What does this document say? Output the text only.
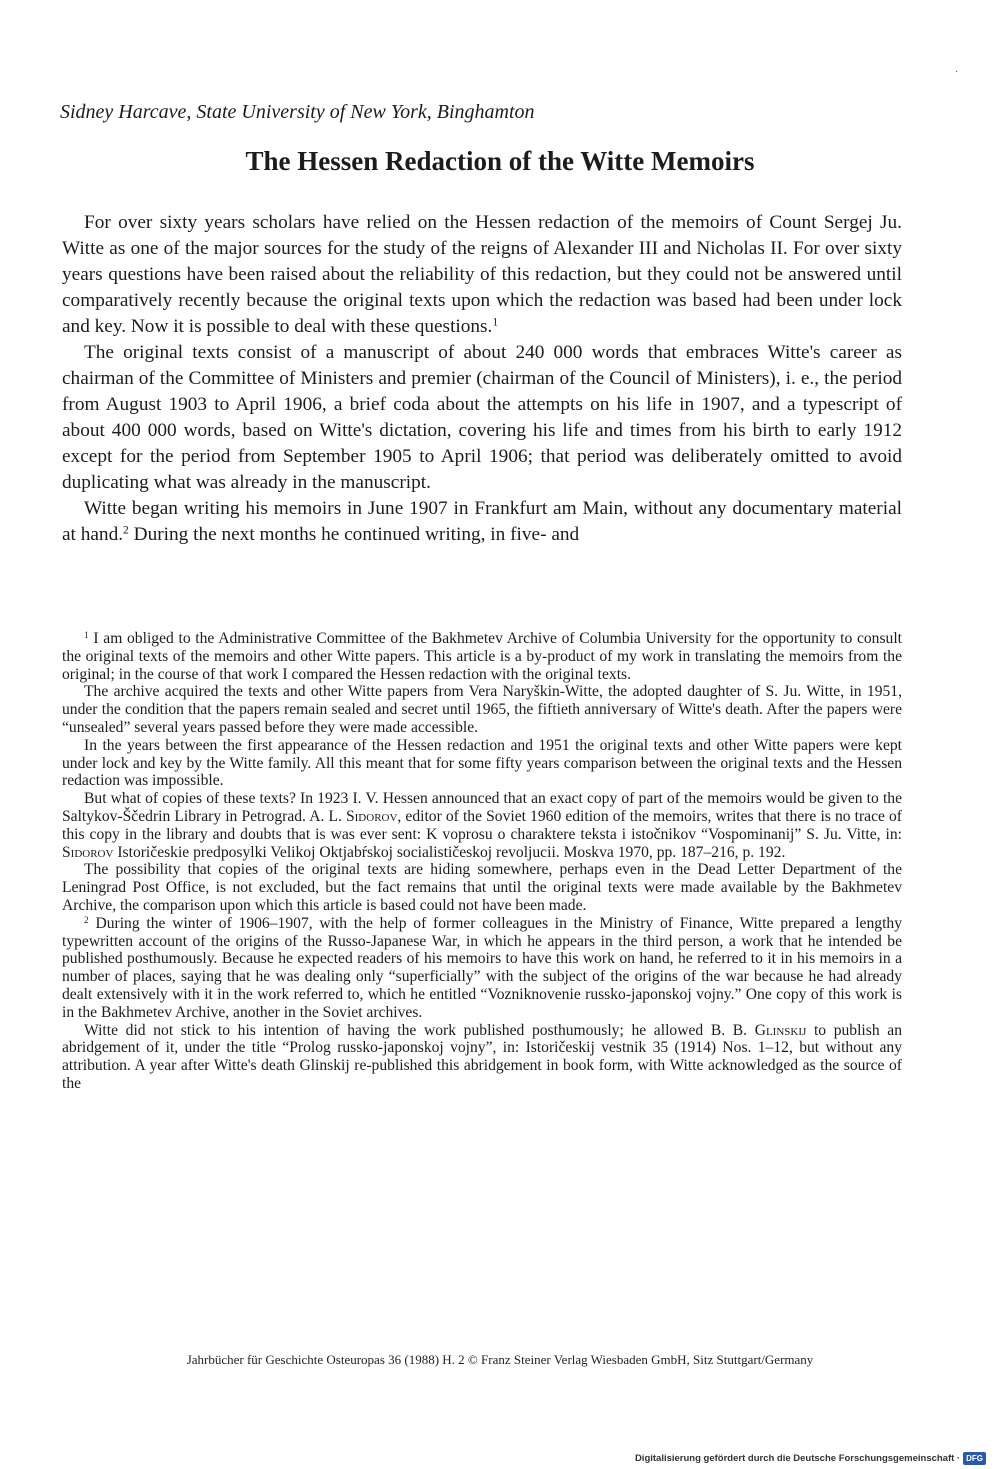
·
Sidney Harcave, State University of New York, Binghamton
The Hessen Redaction of the Witte Memoirs

For over sixty years scholars have relied on the Hessen redaction of the memoirs of Count Sergej Ju. Witte as one of the major sources for the study of the reigns of Alexander III and Nicholas II. For over sixty years questions have been raised about the reliability of this redaction, but they could not be answered until comparatively recently because the original texts upon which the redaction was based had been under lock and key. Now it is possible to deal with these questions.$^1$

The original texts consist of a manuscript of about 240 000 words that embraces Witte's career as chairman of the Committee of Ministers and premier (chairman of the Council of Ministers), i. e., the period from August 1903 to April 1906, a brief coda about the attempts on his life in 1907, and a typescript of about 400 000 words, based on Witte's dictation, covering his life and times from his birth to early 1912 except for the period from September 1905 to April 1906; that period was deliberately omitted to avoid duplicating what was already in the manuscript.

Witte began writing his memoirs in June 1907 in Frankfurt am Main, without any documentary material at hand.$^2$ During the next months he continued writing, in five- and

$^1$ I am obliged to the Administrative Committee of the Bakhmetev Archive of Columbia University for the opportunity to consult the original texts of the memoirs and other Witte papers. This article is a by-product of my work in translating the memoirs from the original; in the course of that work I compared the Hessen redaction with the original texts.

The archive acquired the texts and other Witte papers from Vera Naryškin-Witte, the adopted daughter of S. Ju. Witte, in 1951, under the condition that the papers remain sealed and secret until 1965, the fiftieth anniversary of Witte's death. After the papers were “unsealed” several years passed before they were made accessible.

In the years between the first appearance of the Hessen redaction and 1951 the original texts and other Witte papers were kept under lock and key by the Witte family. All this meant that for some fifty years comparison between the original texts and the Hessen redaction was impossible.

But what of copies of these texts? In 1923 I. V. Hessen announced that an exact copy of part of the memoirs would be given to the Saltykov-Ščedrin Library in Petrograd. A. L. Sidorov, editor of the Soviet 1960 edition of the memoirs, writes that there is no trace of this copy in the library and doubts that is was ever sent: K voprosu o charaktere teksta i istočnikov “Vospominanij” S. Ju. Vitte, in: Sidorov Istoričeskie predposylki Velikoj Oktjabŕskoj socialističeskoj revoljucii. Moskva 1970, pp. 187–216, p. 192.

The possibility that copies of the original texts are hiding somewhere, perhaps even in the Dead Letter Department of the Leningrad Post Office, is not excluded, but the fact remains that until the original texts were made available by the Bakhmetev Archive, the comparison upon which this article is based could not have been made.

$^2$ During the winter of 1906–1907, with the help of former colleagues in the Ministry of Finance, Witte prepared a lengthy typewritten account of the origins of the Russo-Japanese War, in which he appears in the third person, a work that he intended be published posthumously. Because he expected readers of his memoirs to have this work on hand, he referred to it in his memoirs in a number of places, saying that he was dealing only “superficially” with the subject of the origins of the war because he had already dealt extensively with it in the work referred to, which he entitled “Vozniknovenie russko-japonskoj vojny.” One copy of this work is in the Bakhmetev Archive, another in the Soviet archives.

Witte did not stick to his intention of having the work published posthumously; he allowed B. B. Glinskij to publish an abridgement of it, under the title “Prolog russko-japonskoj vojny”, in: Istoričeskij vestnik 35 (1914) Nos. 1–12, but without any attribution. A year after Witte's death Glinskij re-published this abridgement in book form, with Witte acknowledged as the source of the

Jahrbücher für Geschichte Osteuropas 36 (1988) H. 2 © Franz Steiner Verlag Wiesbaden GmbH, Sitz Stuttgart/Germany
Digitalisierung gefördert durch die Deutsche Forschungsgemeinschaft · DFG
